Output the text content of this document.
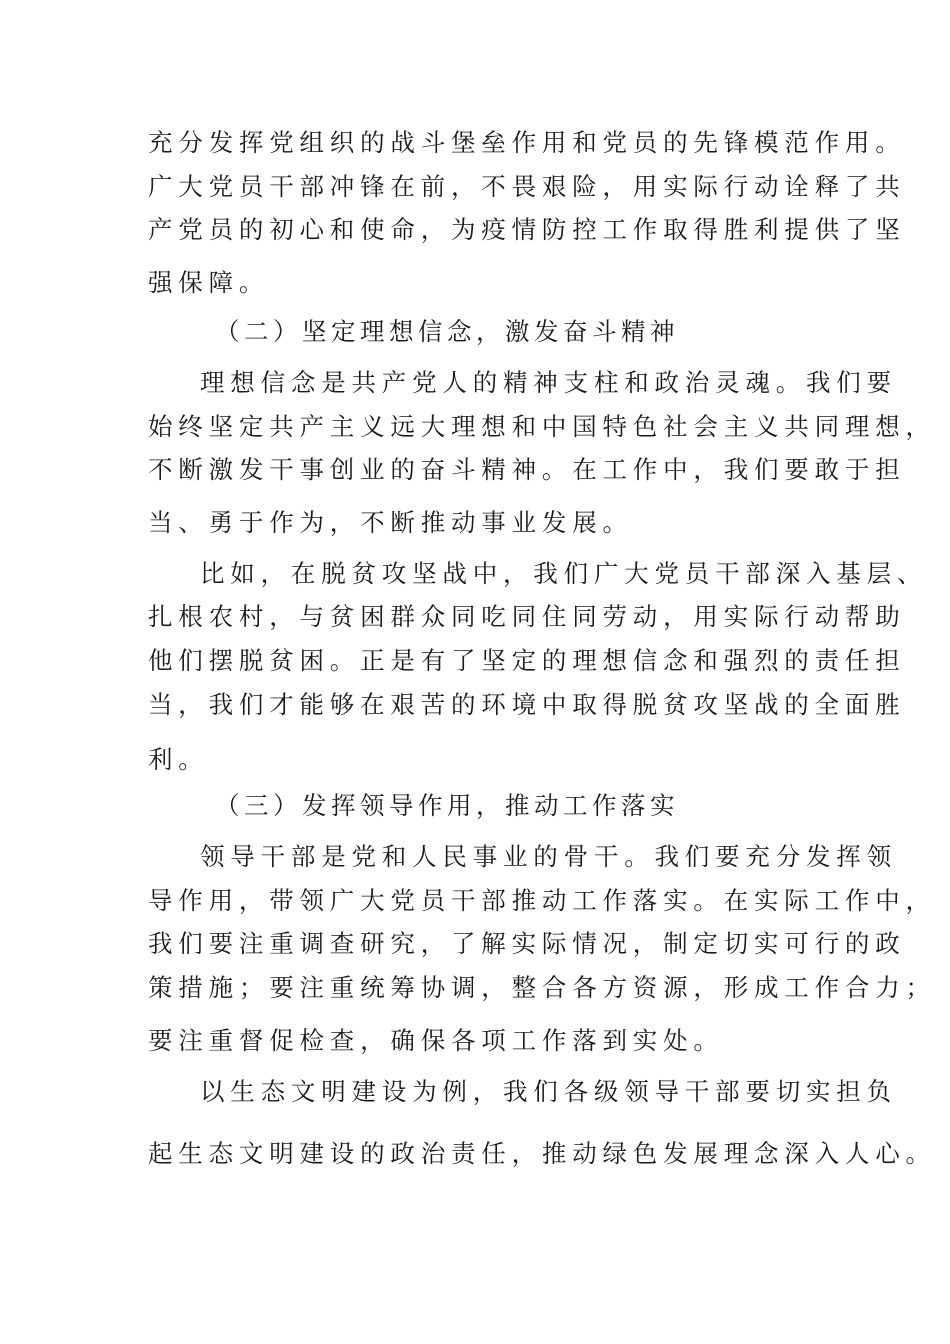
充分发挥党组织的战斗堡垒作用和党员的先锋模范作用。
广大党员干部冲锋在前，不畏艰险，用实际行动诠释了共
产党员的初心和使命，为疫情防控工作取得胜利提供了坚
强保障。
（二）坚定理想信念，激发奋斗精神
理想信念是共产党人的精神支柱和政治灵魂。我们要
始终坚定共产主义远大理想和中国特色社会主义共同理想，
不断激发干事创业的奋斗精神。在工作中，我们要敢于担
当、勇于作为，不断推动事业发展。
比如，在脱贫攻坚战中，我们广大党员干部深入基层、
扎根农村，与贫困群众同吃同住同劳动，用实际行动帮助
他们摆脱贫困。正是有了坚定的理想信念和强烈的责任担
当，我们才能够在艰苦的环境中取得脱贫攻坚战的全面胜
利。
（三）发挥领导作用，推动工作落实
领导干部是党和人民事业的骨干。我们要充分发挥领
导作用，带领广大党员干部推动工作落实。在实际工作中，
我们要注重调查研究，了解实际情况，制定切实可行的政
策措施；要注重统筹协调，整合各方资源，形成工作合力；
要注重督促检查，确保各项工作落到实处。
以生态文明建设为例，我们各级领导干部要切实担负
起生态文明建设的政治责任，推动绿色发展理念深入人心。
